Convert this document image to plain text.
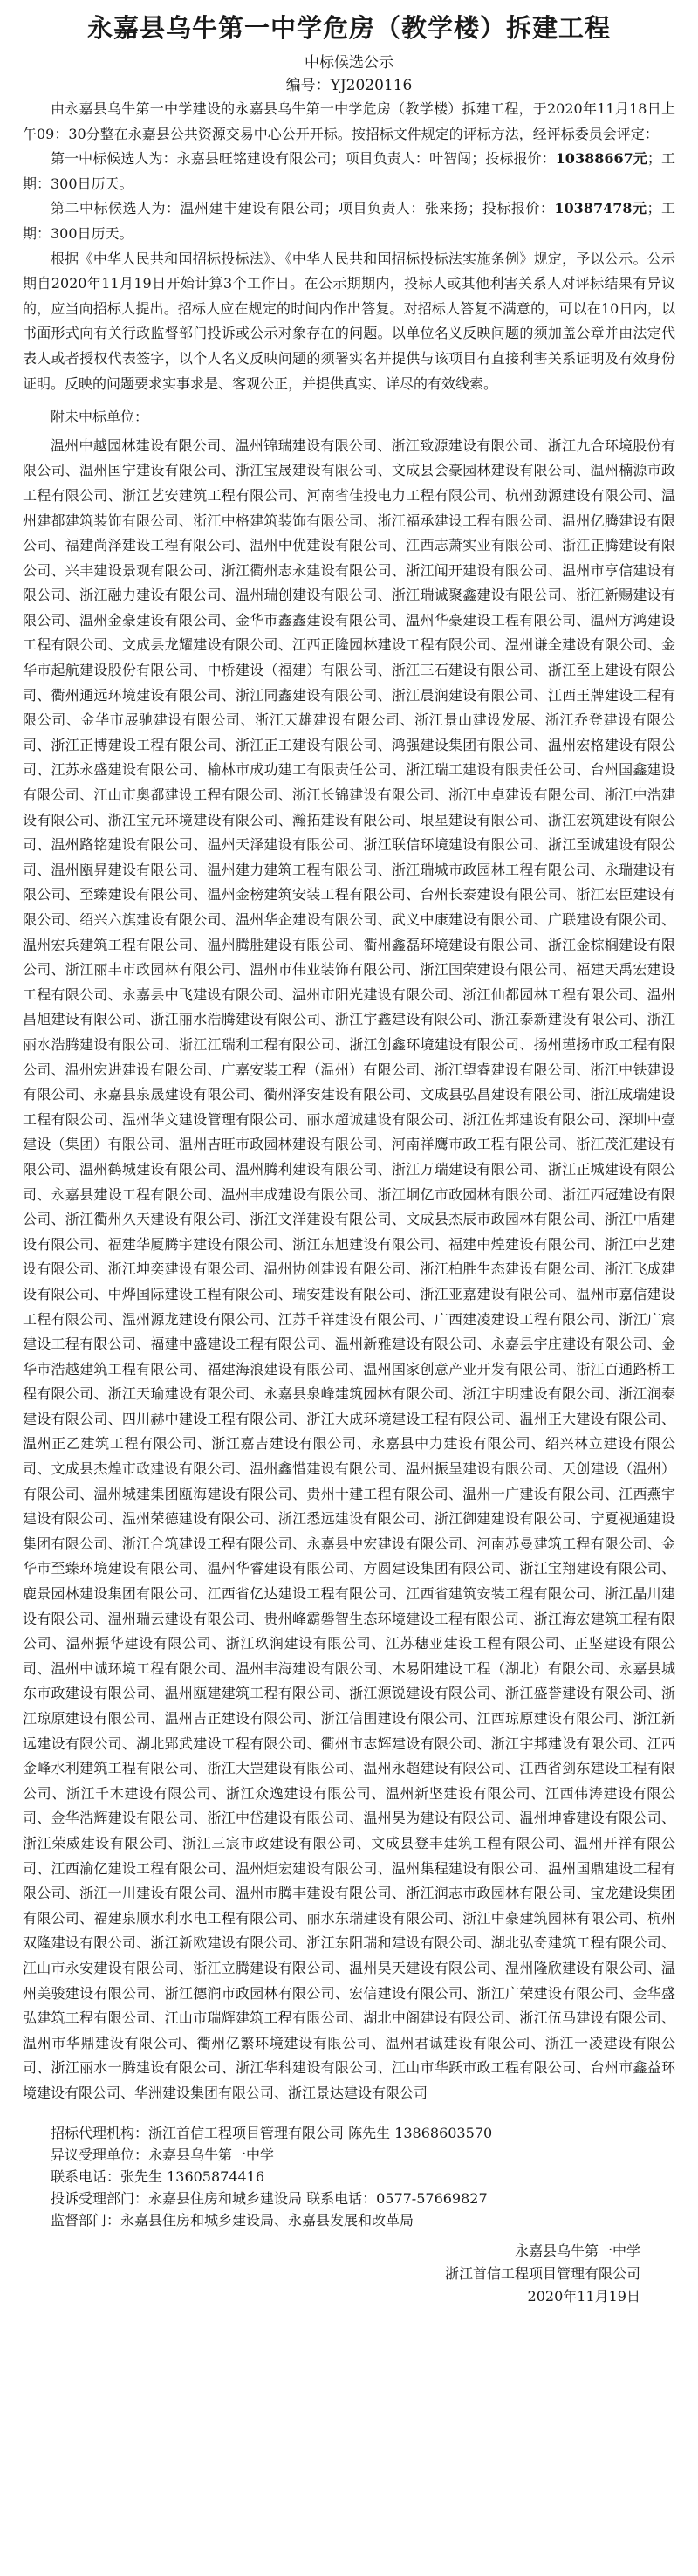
永嘉县乌牛第一中学危房（教学楼）拆建工程
中标候选公示
编号：YJ2020116

由永嘉县乌牛第一中学建设的永嘉县乌牛第一中学危房（教学楼）拆建工程，于2020年11月18日上午09：30分整在永嘉县公共资源交易中心公开开标。按招标文件规定的评标方法，经评标委员会评定：

第一中标候选人为：永嘉县旺铭建设有限公司；项目负责人：叶智闯；投标报价：10388667元；工期：300日历天。

第二中标候选人为：温州建丰建设有限公司；项目负责人：张来扬；投标报价：10387478元；工期：300日历天。

根据《中华人民共和国招标投标法》、《中华人民共和国招标投标法实施条例》规定，予以公示。公示期自2020年11月19日开始计算3个工作日。在公示期期内，投标人或其他利害关系人对评标结果有异议的，应当向招标人提出。招标人应在规定的时间内作出答复。对招标人答复不满意的，可以在10日内，以书面形式向有关行政监督部门投诉或公示对象存在的问题。以单位名义反映问题的须加盖公章并由法定代表人或者授权代表签字，以个人名义反映问题的须署实名并提供与该项目有直接利害关系证明及有效身份证明。反映的问题要求实事求是、客观公正，并提供真实、详尽的有效线索。

附未中标单位：

温州中越园林建设有限公司、温州锦瑞建设有限公司、浙江致源建设有限公司、浙江九合环境股份有限公司、温州国宁建设有限公司、浙江宝晟建设有限公司、文成县会豪园林建设有限公司、温州楠源市政工程有限公司、浙江艺安建筑工程有限公司、河南省佳投电力工程有限公司、杭州劲源建设有限公司、温州建都建筑装饰有限公司、浙江中格建筑装饰有限公司、浙江福承建设工程有限公司、温州亿腾建设有限公司、福建尚泽建设工程有限公司、温州中优建设有限公司、江西志萧实业有限公司、浙江正腾建设有限公司、兴丰建设景观有限公司、浙江衢州志永建设有限公司、浙江闻开建设有限公司、温州市亨信建设有限公司、浙江融力建设有限公司、温州瑞创建设有限公司、浙江瑞诚聚鑫建设有限公司、浙江新赐建设有限公司、温州金豪建设有限公司、金华市鑫鑫建设有限公司、温州华豪建设工程有限公司、温州方鸿建设工程有限公司、文成县龙耀建设有限公司、江西正隆园林建设工程有限公司、温州谦全建设有限公司、金华市起航建设股份有限公司、中桥建设（福建）有限公司、浙江三石建设有限公司、浙江至上建设有限公司、衢州通远环境建设有限公司、浙江同鑫建设有限公司、浙江晨润建设有限公司、江西王牌建设工程有限公司、金华市展驰建设有限公司、浙江天雄建设有限公司、浙江景山建设发展、浙江乔登建设有限公司、浙江正博建设工程有限公司、浙江正工建设有限公司、鸿强建设集团有限公司、温州宏格建设有限公司、江苏永盛建设有限公司、榆林市成功建工有限责任公司、浙江瑞工建设有限责任公司、台州国鑫建设有限公司、江山市奥都建设工程有限公司、浙江长锦建设有限公司、浙江中卓建设有限公司、浙江中浩建设有限公司、浙江宝元环境建设有限公司、瀚拓建设有限公司、垠星建设有限公司、浙江宏筑建设有限公司、温州路铭建设有限公司、温州天泽建设有限公司、浙江联信环境建设有限公司、浙江至诚建设有限公司、温州瓯昇建设有限公司、温州建力建筑工程有限公司、浙江瑞城市政园林工程有限公司、永瑞建设有限公司、至臻建设有限公司、温州金榜建筑安装工程有限公司、台州长泰建设有限公司、浙江宏臣建设有限公司、绍兴六旗建设有限公司、温州华企建设有限公司、武义中康建设有限公司、广联建设有限公司、温州宏兵建筑工程有限公司、温州腾胜建设有限公司、衢州鑫磊环境建设有限公司、浙江金棕榈建设有限公司、浙江丽丰市政园林有限公司、温州市伟业装饰有限公司、浙江国荣建设有限公司、福建天禹宏建设工程有限公司、永嘉县中飞建设有限公司、温州市阳光建设有限公司、浙江仙都园林工程有限公司、温州昌旭建设有限公司、浙江丽水浩腾建设有限公司、浙江宇鑫建设有限公司、浙江泰新建设有限公司、浙江丽水浩腾建设有限公司、浙江江瑞利工程有限公司、浙江创鑫环境建设有限公司、扬州瑾扬市政工程有限公司、温州宏进建设有限公司、广嘉安装工程（温州）有限公司、浙江望睿建设有限公司、浙江中铁建设有限公司、永嘉县泉晟建设有限公司、衢州泽安建设有限公司、文成县弘昌建设有限公司、浙江成瑞建设工程有限公司、温州华文建设管理有限公司、丽水超诚建设有限公司、浙江佐邦建设有限公司、深圳中壹建设（集团）有限公司、温州吉旺市政园林建设有限公司、河南祥鹰市政工程有限公司、浙江茂汇建设有限公司、温州鹤城建设有限公司、温州腾利建设有限公司、浙江万瑞建设有限公司、浙江正城建设有限公司、永嘉县建设工程有限公司、温州丰成建设有限公司、浙江垌亿市政园林有限公司、浙江西冠建设有限公司、浙江衢州久天建设有限公司、浙江文洋建设有限公司、文成县杰辰市政园林有限公司、浙江中盾建设有限公司、福建华厦腾宇建设有限公司、浙江东旭建设有限公司、福建中煌建设有限公司、浙江中艺建设有限公司、浙江坤奕建设有限公司、温州协创建设有限公司、浙江柏胜生态建设有限公司、浙江飞成建设有限公司、中烨国际建设工程有限公司、瑞安建设有限公司、浙江亚嘉建设有限公司、温州市嘉信建设工程有限公司、温州源龙建设有限公司、江苏千祥建设有限公司、广西建凌建设工程有限公司、浙江广宸建设工程有限公司、福建中盛建设工程有限公司、温州新雅建设有限公司、永嘉县宇庄建设有限公司、金华市浩越建筑工程有限公司、福建海浪建设有限公司、温州国家创意产业开发有限公司、浙江百通路桥工程有限公司、浙江天瑜建设有限公司、永嘉县泉峰建筑园林有限公司、浙江宇明建设有限公司、浙江润泰建设有限公司、四川赫中建设工程有限公司、浙江大成环境建设工程有限公司、温州正大建设有限公司、温州正乙建筑工程有限公司、浙江嘉吉建设有限公司、永嘉县中力建设有限公司、绍兴林立建设有限公司、文成县杰煌市政建设有限公司、温州鑫惜建设有限公司、温州振呈建设有限公司、天创建设（温州）有限公司、温州城建集团瓯海建设有限公司、贵州十建工程有限公司、温州一广建设有限公司、江西燕宇建设有限公司、温州荣德建设有限公司、浙江悉远建设有限公司、浙江御建建设有限公司、宁夏视通建设集团有限公司、浙江合筑建设工程有限公司、永嘉县中宏建设有限公司、河南苏曼建筑工程有限公司、金华市至臻环境建设有限公司、温州华睿建设有限公司、方圆建设集团有限公司、浙江宝翔建设有限公司、鹿景园林建设集团有限公司、江西省亿达建设工程有限公司、江西省建筑安装工程有限公司、浙江晶川建设有限公司、温州瑞云建设有限公司、贵州峰霸磐智生态环境建设工程有限公司、浙江海宏建筑工程有限公司、温州振华建设有限公司、浙江玖润建设有限公司、江苏穗亚建设工程有限公司、正坚建设有限公司、温州中诚环境工程有限公司、温州丰海建设有限公司、木易阳建设工程（湖北）有限公司、永嘉县城东市政建设有限公司、温州瓯建建筑工程有限公司、浙江源锐建设有限公司、浙江盛誉建设有限公司、浙江琼原建设有限公司、温州吉正建设有限公司、浙江信围建设有限公司、江西琼原建设有限公司、浙江新远建设有限公司、湖北郢武建设工程有限公司、衢州市志辉建设有限公司、浙江宇邦建设有限公司、江西金峰水利建筑工程有限公司、浙江大罡建设有限公司、温州永超建设有限公司、江西省剑东建设工程有限公司、浙江千木建设有限公司、浙江众逸建设有限公司、温州新坚建设有限公司、江西伟涛建设有限公司、金华浩辉建设有限公司、浙江中岱建设有限公司、温州昊为建设有限公司、温州坤睿建设有限公司、浙江荣威建设有限公司、浙江三宸市政建设有限公司、文成县登丰建筑工程有限公司、温州开祥有限公司、江西渝亿建设工程有限公司、温州炬宏建设有限公司、温州集程建设有限公司、温州国鼎建设工程有限公司、浙江一川建设有限公司、温州市腾丰建设有限公司、浙江润志市政园林有限公司、宝龙建设集团有限公司、福建泉顺水利水电工程有限公司、丽水东瑞建设有限公司、浙江中豪建筑园林有限公司、杭州双隆建设有限公司、浙江新欧建设有限公司、浙江东阳瑞和建设有限公司、湖北弘奇建筑工程有限公司、江山市永安建设有限公司、浙江立腾建设有限公司、温州昊天建设有限公司、温州隆欣建设有限公司、温州美骏建设有限公司、浙江德润市政园林有限公司、宏信建设有限公司、浙江广荣建设有限公司、金华盛弘建筑工程有限公司、江山市瑞辉建筑工程有限公司、湖北中阁建设有限公司、浙江伍马建设有限公司、温州市华鼎建设有限公司、衢州亿繁环境建设有限公司、温州君诚建设有限公司、浙江一凌建设有限公司、浙江丽水一腾建设有限公司、浙江华科建设有限公司、江山市华跃市政工程有限公司、台州市鑫益环境建设有限公司、华洲建设集团有限公司、浙江景达建设有限公司

招标代理机构：浙江首信工程项目管理有限公司 陈先生 13868603570
异议受理单位：永嘉县乌牛第一中学
联系电话：张先生 13605874416
投诉受理部门：永嘉县住房和城乡建设局 联系电话：0577-57669827
监督部门：永嘉县住房和城乡建设局、永嘉县发展和改革局
永嘉县乌牛第一中学
浙江首信工程项目管理有限公司
2020年11月19日
